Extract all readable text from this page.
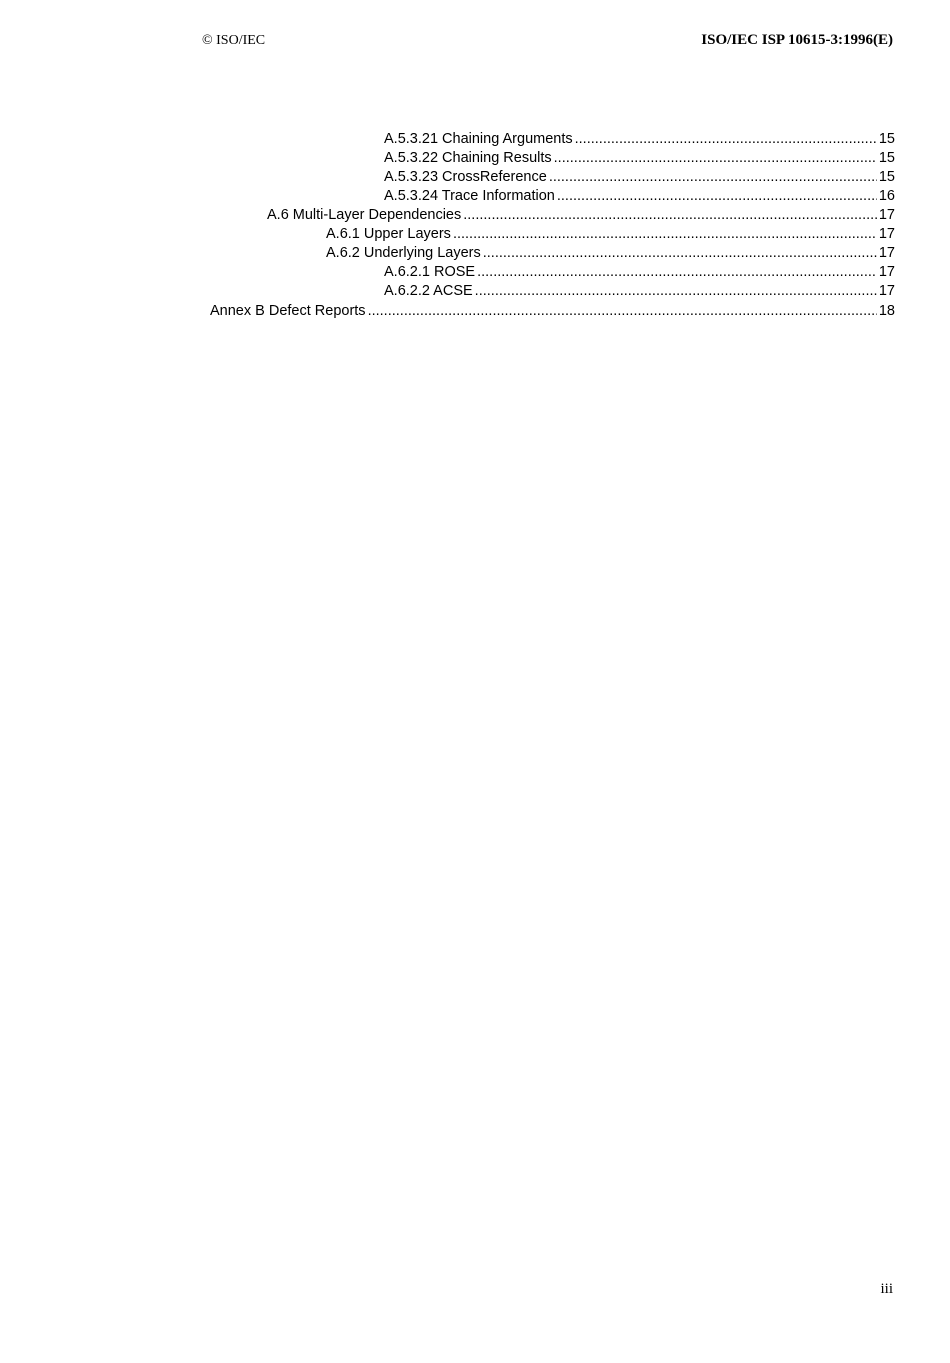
© ISO/IEC	ISO/IEC ISP 10615-3:1996(E)
A.5.3.21 Chaining Arguments .....	15
A.5.3.22 Chaining Results .....	15
A.5.3.23 CrossReference .....	15
A.5.3.24 Trace Information .....	16
A.6 Multi-Layer Dependencies .....	17
A.6.1 Upper Layers .....	17
A.6.2 Underlying Layers .....	17
A.6.2.1 ROSE .....	17
A.6.2.2 ACSE .....	17
Annex B Defect Reports .....	18
iii
